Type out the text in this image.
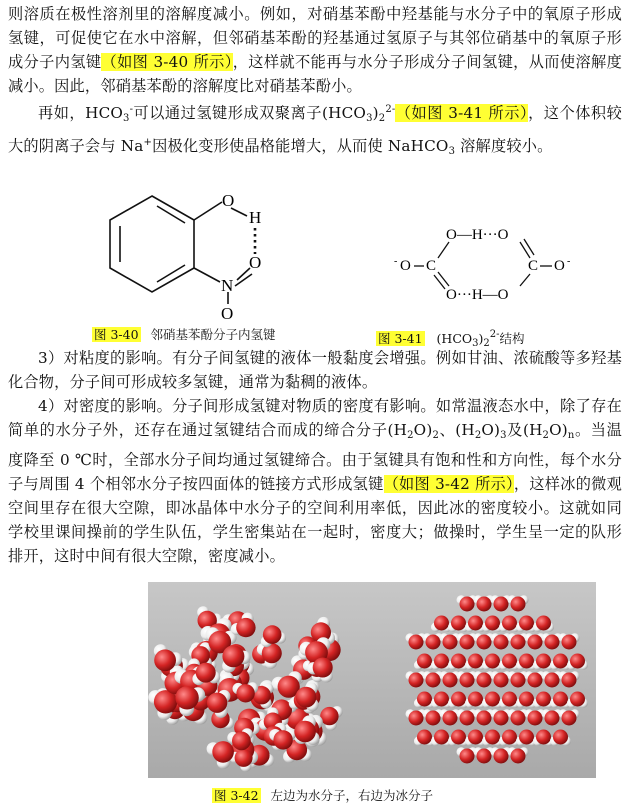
则溶质在极性溶剂里的溶解度减小。例如，对硝基苯酚中羟基能与水分子中的氧原子形成氢键，可促使它在水中溶解，但邻硝基苯酚的羟基通过氢原子与其邻位硝基中的氧原子形成分子内氢键（如图 3-40 所示），这样就不能再与水分子形成分子间氢键，从而使溶解度减小。因此，邻硝基苯酚的溶解度比对硝基苯酚小。
再如，$HCO_3^-$可以通过氢键形成双聚离子$(HCO_3)_2^{2-}$（如图 3-41 所示），这个体积较大的阴离子会与 Na+因极化变形使晶格能增大，从而使 NaHCO$_3$ 溶解度较小。
O
H
O
N
O
O—H···O
O···H—O
- O C	C O -
图 3-40 邻硝基苯酚分子内氢键	图 3-41 $(HCO_3)_2^{2-}$结构
3）对粘度的影响。有分子间氢键的液体一般黏度会增强。例如甘油、浓硫酸等多羟基化合物，分子间可形成较多氢键，通常为黏稠的液体。
4）对密度的影响。分子间形成氢键对物质的密度有影响。如常温液态水中，除了存在简单的水分子外，还存在通过氢键结合而成的缔合分子$(H_2O)_2$、$(H_2O)_3$及$(H_2O)_n$。当温度降至 0 ℃时，全部水分子间均通过氢键缔合。由于氢键具有饱和性和方向性，每个水分子与周围 4 个相邻水分子按四面体的链接方式形成氢键（如图 3-42 所示），这样冰的微观空间里存在很大空隙，即冰晶体中水分子的空间利用率低，因此冰的密度较小。这就如同学校里课间操前的学生队伍，学生密集站在一起时，密度大；做操时，学生呈一定的队形排开，这时中间有很大空隙，密度减小。
图 3-42 左边为水分子，右边为冰分子
